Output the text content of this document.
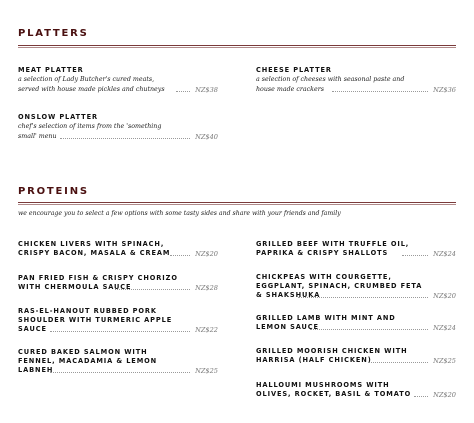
PLATTERS
MEAT PLATTER
a selection of Lady Butcher's cured meats,
served with house made pickles and chutneys	NZ$38
ONSLOW PLATTER
chef's selection of items from the 'something
small' menu	NZ$40
CHEESE PLATTER
a selection of cheeses with seasonal paste and
house made crackers	NZ$36
PROTEINS
we encourage you to select a few options with some tasty sides and share with your friends and family
CHICKEN LIVERS WITH SPINACH,
CRISPY BACON, MASALA & CREAM	NZ$20
PAN FRIED FISH & CRISPY CHORIZO
WITH CHERMOULA SAUCE	NZ$28
RAS-EL-HANOUT RUBBED PORK
SHOULDER WITH TURMERIC APPLE
SAUCE	NZ$22
CURED BAKED SALMON WITH
FENNEL, MACADAMIA & LEMON
LABNEH	NZ$25
GRILLED BEEF WITH TRUFFLE OIL,
PAPRIKA & CRISPY SHALLOTS	NZ$24
CHICKPEAS WITH COURGETTE,
EGGPLANT, SPINACH, CRUMBED FETA
& SHAKSHUKA	NZ$20
GRILLED LAMB WITH MINT AND
LEMON SAUCE	NZ$24
GRILLED MOORISH CHICKEN WITH
HARRISA (HALF CHICKEN)	NZ$25
HALLOUMI MUSHROOMS WITH
OLIVES, ROCKET, BASIL & TOMATO	NZ$20
